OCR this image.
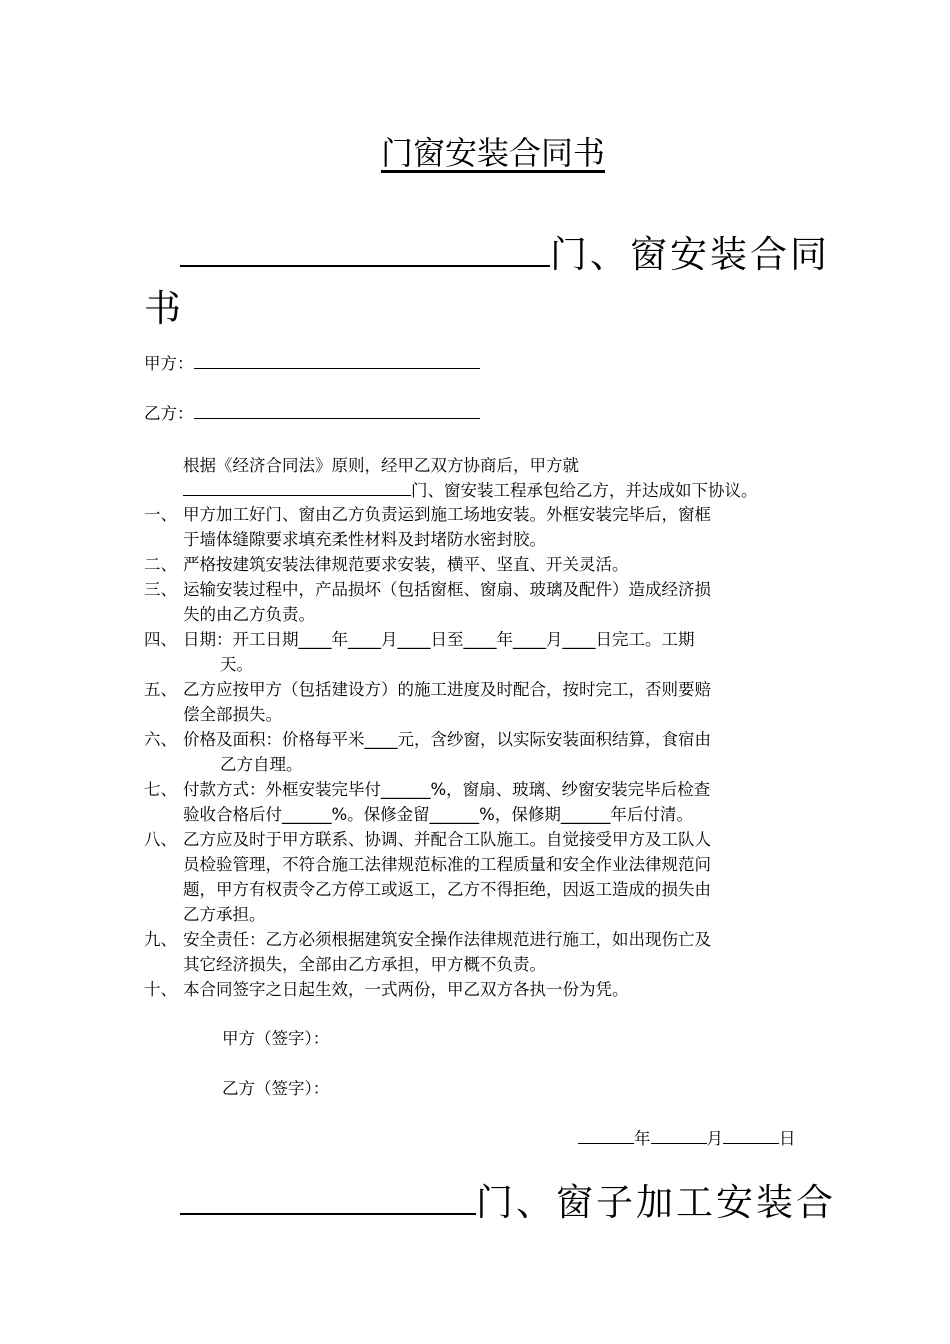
门窗安装合同书
门、窗安装合同
书
甲方：
乙方：
根据《经济合同法》原则，经甲乙双方协商后，甲方就
门、窗安装工程承包给乙方，并达成如下协议。
一、 甲方加工好门、窗由乙方负责运到施工场地安装。外框安装完毕后，窗框
于墙体缝隙要求填充柔性材料及封堵防水密封胶。
二、 严格按建筑安装法律规范要求安装，横平、坚直、开关灵活。
三、 运输安装过程中，产品损坏（包括窗框、窗扇、玻璃及配件）造成经济损
失的由乙方负责。
四、 日期：开工日期____年____月____日至____年____月____日完工。工期
天。
五、 乙方应按甲方（包括建设方）的施工进度及时配合，按时完工，否则要赔
偿全部损失。
六、 价格及面积：价格每平米____元，含纱窗，以实际安装面积结算，食宿由
乙方自理。
七、 付款方式：外框安装完毕付______%，窗扇、玻璃、纱窗安装完毕后检查
验收合格后付______%。保修金留______%，保修期______年后付清。
八、 乙方应及时于甲方联系、协调、并配合工队施工。自觉接受甲方及工队人
员检验管理，不符合施工法律规范标准的工程质量和安全作业法律规范问
题，甲方有权责令乙方停工或返工，乙方不得拒绝，因返工造成的损失由
乙方承担。
九、 安全责任：乙方必须根据建筑安全操作法律规范进行施工，如出现伤亡及
其它经济损失，全部由乙方承担，甲方概不负责。
十、 本合同签字之日起生效，一式两份，甲乙双方各执一份为凭。
甲方（签字）：
乙方（签字）：
年	月	日
门、窗子加工安装合
